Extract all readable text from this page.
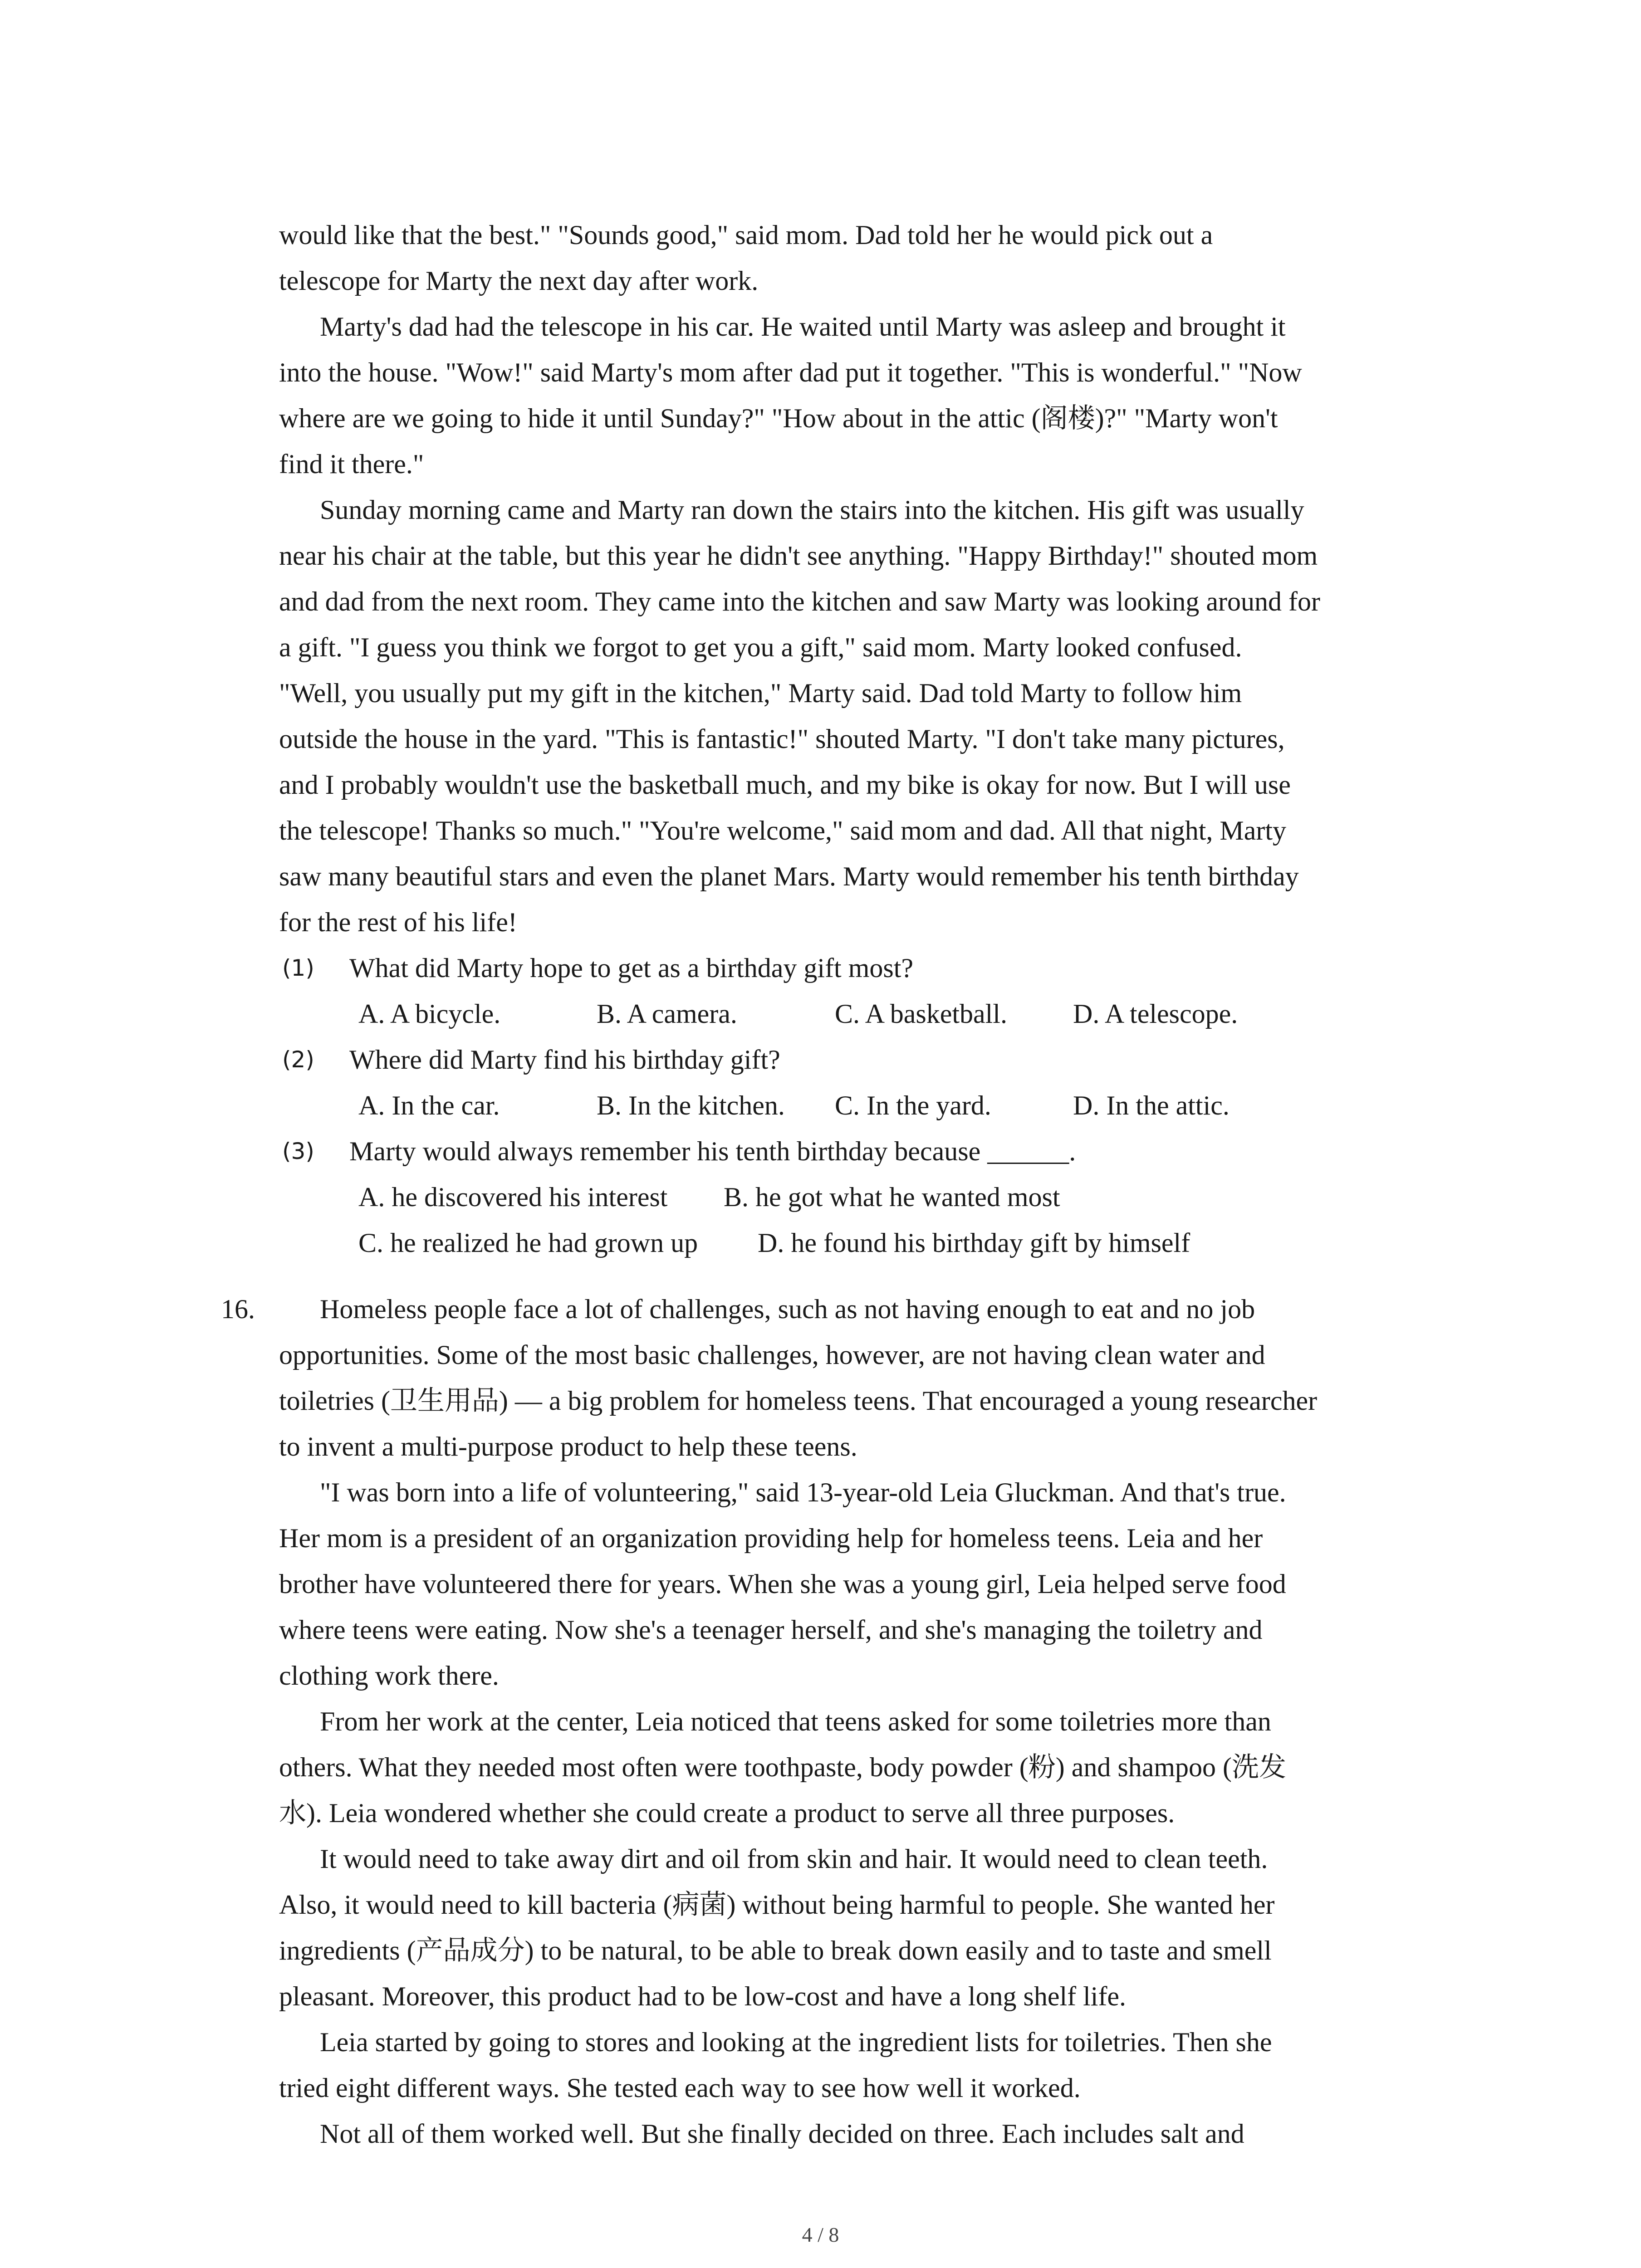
would like that the best." "Sounds good," said mom. Dad told her he would pick out a
telescope for Marty the next day after work.
Marty's dad had the telescope in his car. He waited until Marty was asleep and brought it
into the house. "Wow!" said Marty's mom after dad put it together. "This is wonderful." "Now
where are we going to hide it until Sunday?" "How about in the attic (阁楼)?" "Marty won't
find it there."
Sunday morning came and Marty ran down the stairs into the kitchen. His gift was usually
near his chair at the table, but this year he didn't see anything. "Happy Birthday!" shouted mom
and dad from the next room. They came into the kitchen and saw Marty was looking around for
a gift. "I guess you think we forgot to get you a gift," said mom. Marty looked confused.
"Well, you usually put my gift in the kitchen," Marty said. Dad told Marty to follow him
outside the house in the yard. "This is fantastic!" shouted Marty. "I don't take many pictures,
and I probably wouldn't use the basketball much, and my bike is okay for now. But I will use
the telescope! Thanks so much." "You're welcome," said mom and dad. All that night, Marty
saw many beautiful stars and even the planet Mars. Marty would remember his tenth birthday
for the rest of his life!
(1) What did Marty hope to get as a birthday gift most?
A. A bicycle.	B. A camera.	C. A basketball. D. A telescope.
(2) Where did Marty find his birthday gift?
A. In the car.	B. In the kitchen. C. In the yard.	D. In the attic.
(3) Marty would always remember his tenth birthday because ______.
A. he discovered his interest B. he got what he wanted most
C. he realized he had grown up D. he found his birthday gift by himself
16. Homeless people face a lot of challenges, such as not having enough to eat and no job
opportunities. Some of the most basic challenges, however, are not having clean water and
toiletries (卫生用品) — a big problem for homeless teens. That encouraged a young researcher
to invent a multi-purpose product to help these teens.
"I was born into a life of volunteering," said 13-year-old Leia Gluckman. And that's true.
Her mom is a president of an organization providing help for homeless teens. Leia and her
brother have volunteered there for years. When she was a young girl, Leia helped serve food
where teens were eating. Now she's a teenager herself, and she's managing the toiletry and
clothing work there.
From her work at the center, Leia noticed that teens asked for some toiletries more than
others. What they needed most often were toothpaste, body powder (粉) and shampoo (洗发
水). Leia wondered whether she could create a product to serve all three purposes.
It would need to take away dirt and oil from skin and hair. It would need to clean teeth.
Also, it would need to kill bacteria (病菌) without being harmful to people. She wanted her
ingredients (产品成分) to be natural, to be able to break down easily and to taste and smell
pleasant. Moreover, this product had to be low-cost and have a long shelf life.
Leia started by going to stores and looking at the ingredient lists for toiletries. Then she
tried eight different ways. She tested each way to see how well it worked.
Not all of them worked well. But she finally decided on three. Each includes salt and
4 / 8
